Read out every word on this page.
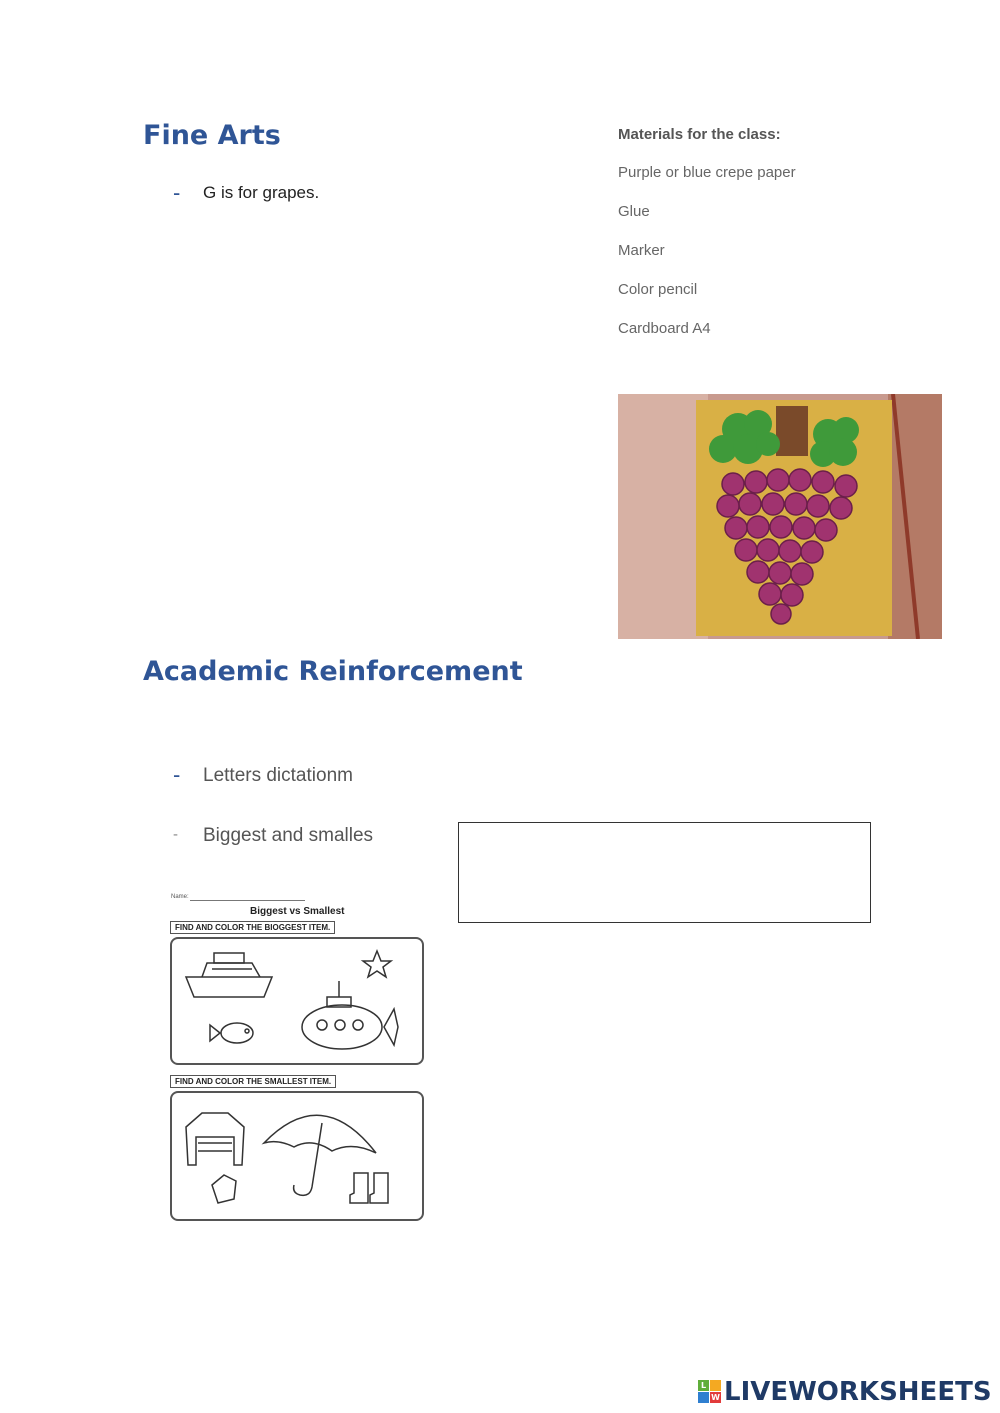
Fine Arts
- G is for grapes.
Materials for the class:
Purple or blue crepe paper
Glue
Marker
Color pencil
Cardboard A4
Academic Reinforcement
- Letters dictationm
- Biggest and smalles
Name:
Biggest vs Smallest
FIND AND COLOR THE BIOGGEST ITEM.
FIND AND COLOR THE SMALLEST ITEM.
L
W LIVEWORKSHEETS
